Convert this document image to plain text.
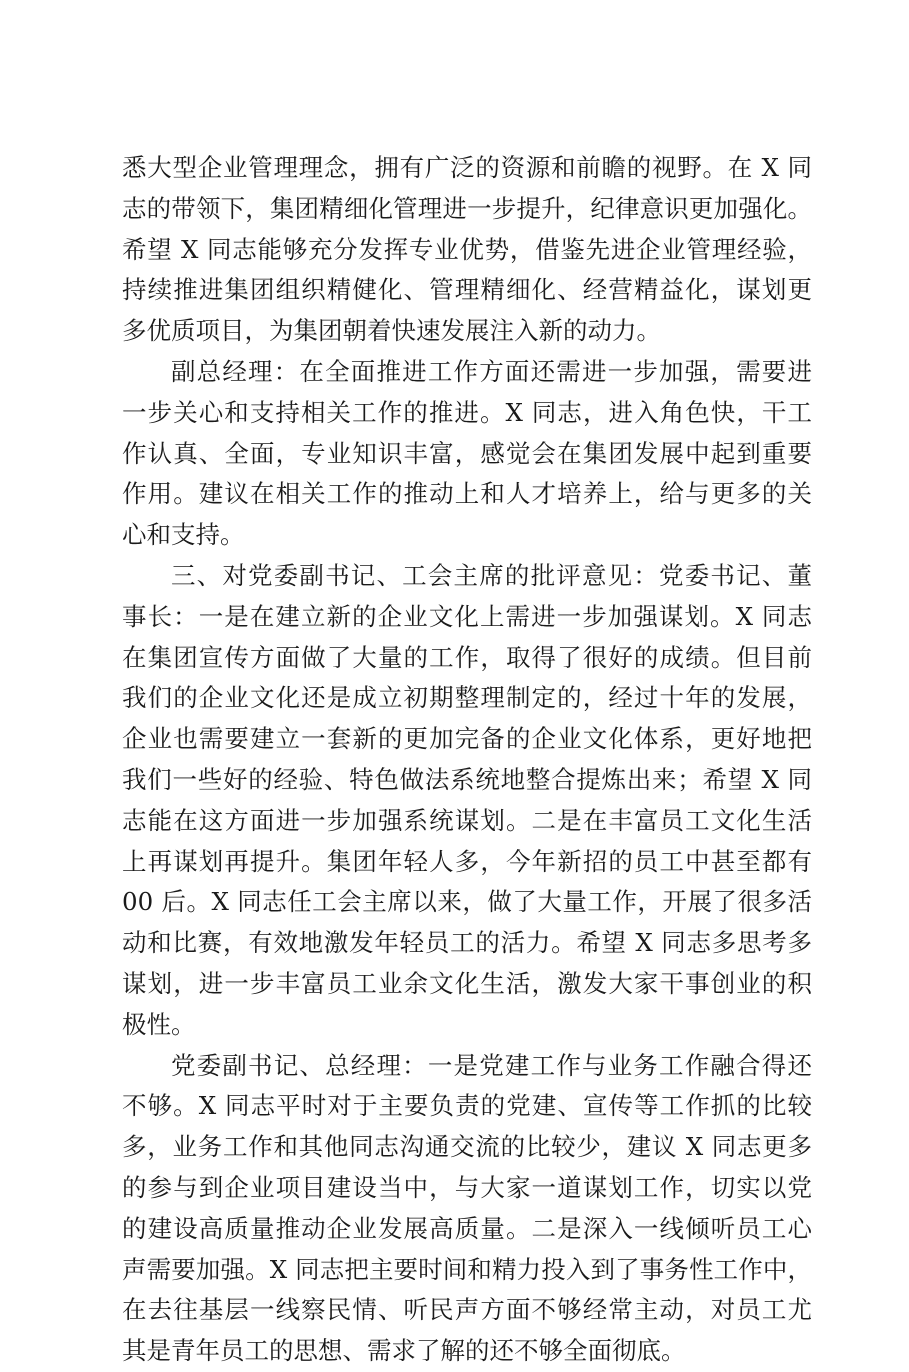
悉大型企业管理理念，拥有广泛的资源和前瞻的视野。在 X 同
志的带领下，集团精细化管理进一步提升，纪律意识更加强化。
希望 X 同志能够充分发挥专业优势，借鉴先进企业管理经验，
持续推进集团组织精健化、管理精细化、经营精益化，谋划更
多优质项目，为集团朝着快速发展注入新的动力。
副总经理：在全面推进工作方面还需进一步加强，需要进
一步关心和支持相关工作的推进。X 同志，进入角色快，干工
作认真、全面，专业知识丰富，感觉会在集团发展中起到重要
作用。建议在相关工作的推动上和人才培养上，给与更多的关
心和支持。
三、对党委副书记、工会主席的批评意见：党委书记、董
事长：一是在建立新的企业文化上需进一步加强谋划。X 同志
在集团宣传方面做了大量的工作，取得了很好的成绩。但目前
我们的企业文化还是成立初期整理制定的，经过十年的发展，
企业也需要建立一套新的更加完备的企业文化体系，更好地把
我们一些好的经验、特色做法系统地整合提炼出来；希望 X 同
志能在这方面进一步加强系统谋划。二是在丰富员工文化生活
上再谋划再提升。集团年轻人多，今年新招的员工中甚至都有
00 后。X 同志任工会主席以来，做了大量工作，开展了很多活
动和比赛，有效地激发年轻员工的活力。希望 X 同志多思考多
谋划，进一步丰富员工业余文化生活，激发大家干事创业的积
极性。
党委副书记、总经理：一是党建工作与业务工作融合得还
不够。X 同志平时对于主要负责的党建、宣传等工作抓的比较
多，业务工作和其他同志沟通交流的比较少，建议 X 同志更多
的参与到企业项目建设当中，与大家一道谋划工作，切实以党
的建设高质量推动企业发展高质量。二是深入一线倾听员工心
声需要加强。X 同志把主要时间和精力投入到了事务性工作中，
在去往基层一线察民情、听民声方面不够经常主动，对员工尤
其是青年员工的思想、需求了解的还不够全面彻底。
